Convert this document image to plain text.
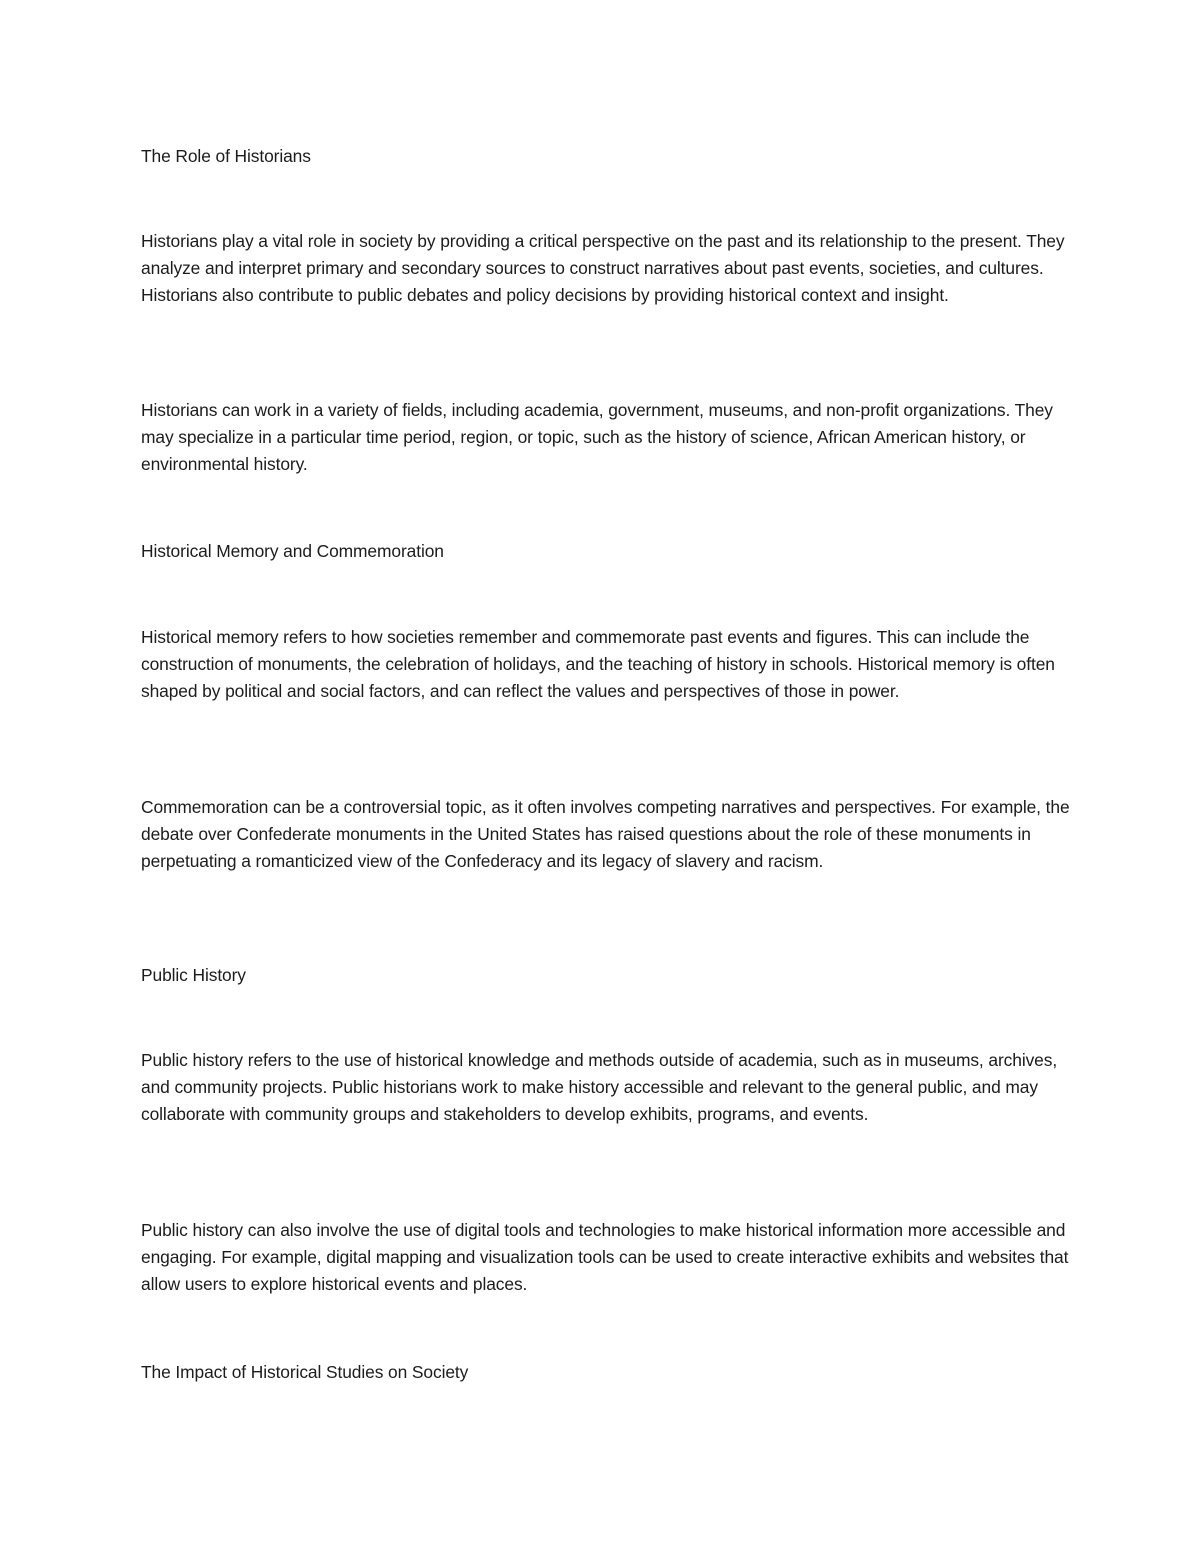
The Role of Historians

Historians play a vital role in society by providing a critical perspective on the past and its relationship to the present. They analyze and interpret primary and secondary sources to construct narratives about past events, societies, and cultures. Historians also contribute to public debates and policy decisions by providing historical context and insight.

Historians can work in a variety of fields, including academia, government, museums, and non-profit organizations. They may specialize in a particular time period, region, or topic, such as the history of science, African American history, or environmental history.

Historical Memory and Commemoration

Historical memory refers to how societies remember and commemorate past events and figures. This can include the construction of monuments, the celebration of holidays, and the teaching of history in schools. Historical memory is often shaped by political and social factors, and can reflect the values and perspectives of those in power.

Commemoration can be a controversial topic, as it often involves competing narratives and perspectives. For example, the debate over Confederate monuments in the United States has raised questions about the role of these monuments in perpetuating a romanticized view of the Confederacy and its legacy of slavery and racism.

Public History

Public history refers to the use of historical knowledge and methods outside of academia, such as in museums, archives, and community projects. Public historians work to make history accessible and relevant to the general public, and may collaborate with community groups and stakeholders to develop exhibits, programs, and events.

Public history can also involve the use of digital tools and technologies to make historical information more accessible and engaging. For example, digital mapping and visualization tools can be used to create interactive exhibits and websites that allow users to explore historical events and places.

The Impact of Historical Studies on Society
